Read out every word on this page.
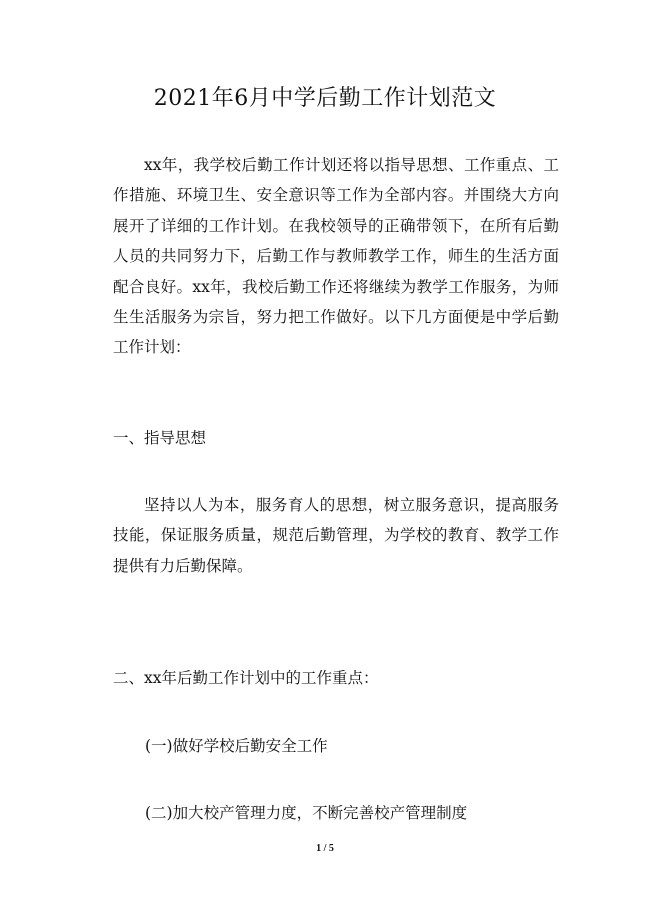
2021年6月中学后勤工作计划范文

xx年，我学校后勤工作计划还将以指导思想、工作重点、工作措施、环境卫生、安全意识等工作为全部内容。并围绕大方向展开了详细的工作计划。在我校领导的正确带领下，在所有后勤人员的共同努力下，后勤工作与教师教学工作，师生的生活方面配合良好。xx年，我校后勤工作还将继续为教学工作服务，为师生生活服务为宗旨，努力把工作做好。以下几方面便是中学后勤工作计划：

一、指导思想

坚持以人为本，服务育人的思想，树立服务意识，提高服务技能，保证服务质量，规范后勤管理，为学校的教育、教学工作提供有力后勤保障。

二、xx年后勤工作计划中的工作重点：

(一)做好学校后勤安全工作

(二)加大校产管理力度，不断完善校产管理制度

1 / 5
